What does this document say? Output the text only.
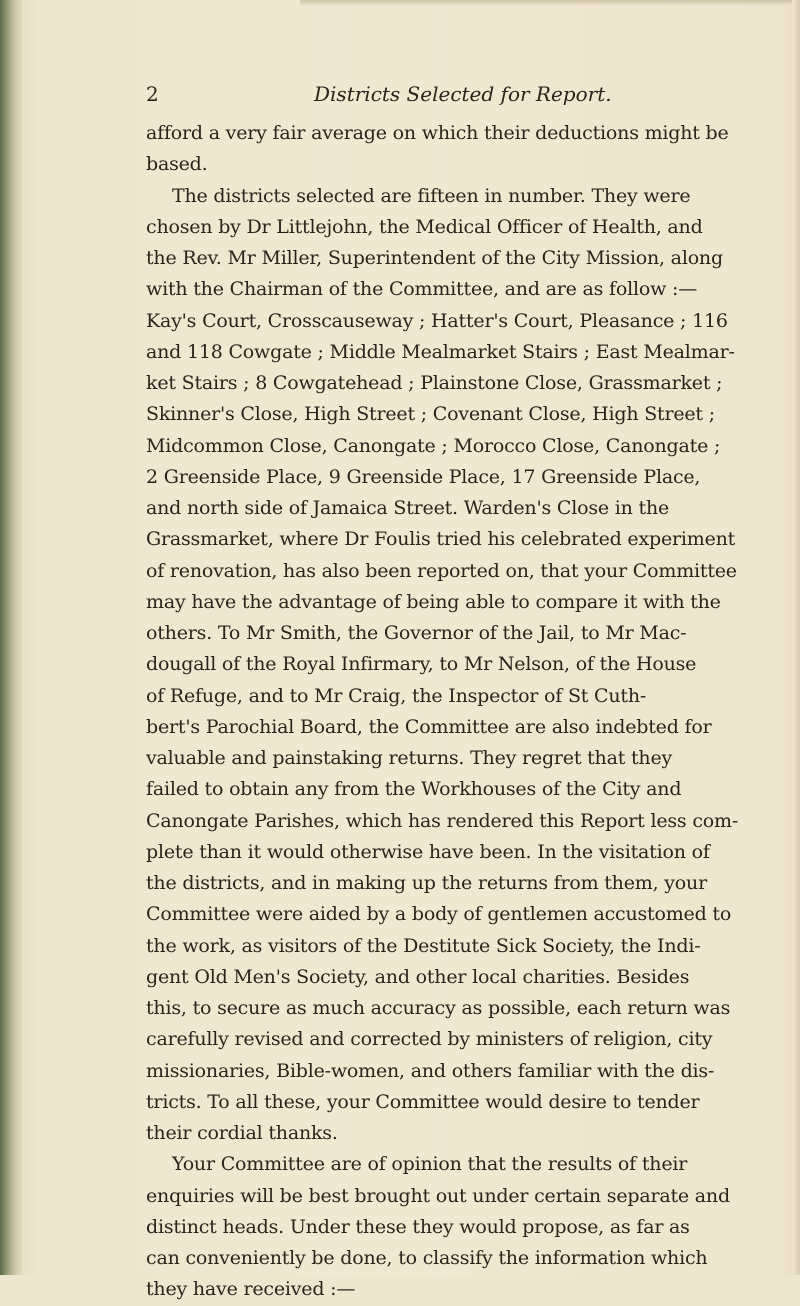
2	Districts Selected for Report.
afford a very fair average on which their deductions might be
based.
The districts selected are fifteen in number. They were
chosen by Dr Littlejohn, the Medical Officer of Health, and
the Rev. Mr Miller, Superintendent of the City Mission, along
with the Chairman of the Committee, and are as follow :—
Kay's Court, Crosscauseway ; Hatter's Court, Pleasance ; 116
and 118 Cowgate ; Middle Mealmarket Stairs ; East Mealmar-
ket Stairs ; 8 Cowgatehead ; Plainstone Close, Grassmarket ;
Skinner's Close, High Street ; Covenant Close, High Street ;
Midcommon Close, Canongate ; Morocco Close, Canongate ;
2 Greenside Place, 9 Greenside Place, 17 Greenside Place,
and north side of Jamaica Street. Warden's Close in the
Grassmarket, where Dr Foulis tried his celebrated experiment
of renovation, has also been reported on, that your Committee
may have the advantage of being able to compare it with the
others. To Mr Smith, the Governor of the Jail, to Mr Mac-
dougall of the Royal Infirmary, to Mr Nelson, of the House
of Refuge, and to Mr Craig, the Inspector of St Cuth-
bert's Parochial Board, the Committee are also indebted for
valuable and painstaking returns. They regret that they
failed to obtain any from the Workhouses of the City and
Canongate Parishes, which has rendered this Report less com-
plete than it would otherwise have been. In the visitation of
the districts, and in making up the returns from them, your
Committee were aided by a body of gentlemen accustomed to
the work, as visitors of the Destitute Sick Society, the Indi-
gent Old Men's Society, and other local charities. Besides
this, to secure as much accuracy as possible, each return was
carefully revised and corrected by ministers of religion, city
missionaries, Bible-women, and others familiar with the dis-
tricts. To all these, your Committee would desire to tender
their cordial thanks.
Your Committee are of opinion that the results of their
enquiries will be best brought out under certain separate and
distinct heads. Under these they would propose, as far as
can conveniently be done, to classify the information which
they have received :—
